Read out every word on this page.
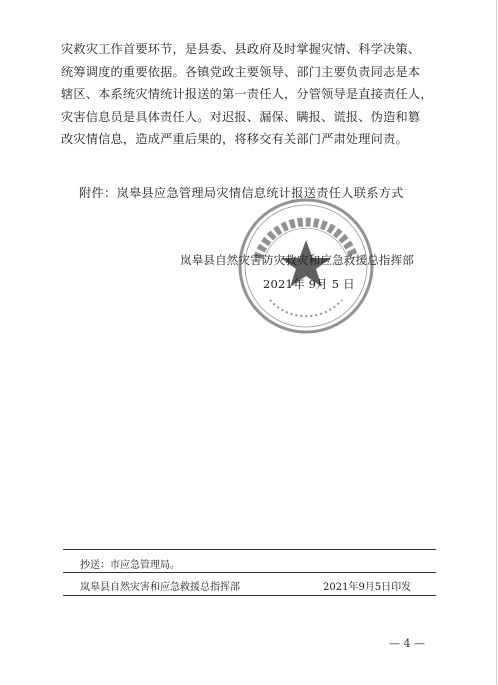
灾救灾工作首要环节，是县委、县政府及时掌握灾情、科学决策、
统筹调度的重要依据。各镇党政主要领导、部门主要负责同志是本
辖区、本系统灾情统计报送的第一责任人，分管领导是直接责任人，
灾害信息员是具体责任人。对迟报、漏保、瞒报、谎报、伪造和篡
改灾情信息，造成严重后果的，将移交有关部门严肃处理问责。
附件：岚皋县应急管理局灾情信息统计报送责任人联系方式
岚皋县自然灾害防灾救灾和应急救援总指挥部
2021年 9月 5 日
抄送：市应急管理局。
岚皋县自然灾害和应急救援总指挥部	2021年9月5日印发
— 4 —
